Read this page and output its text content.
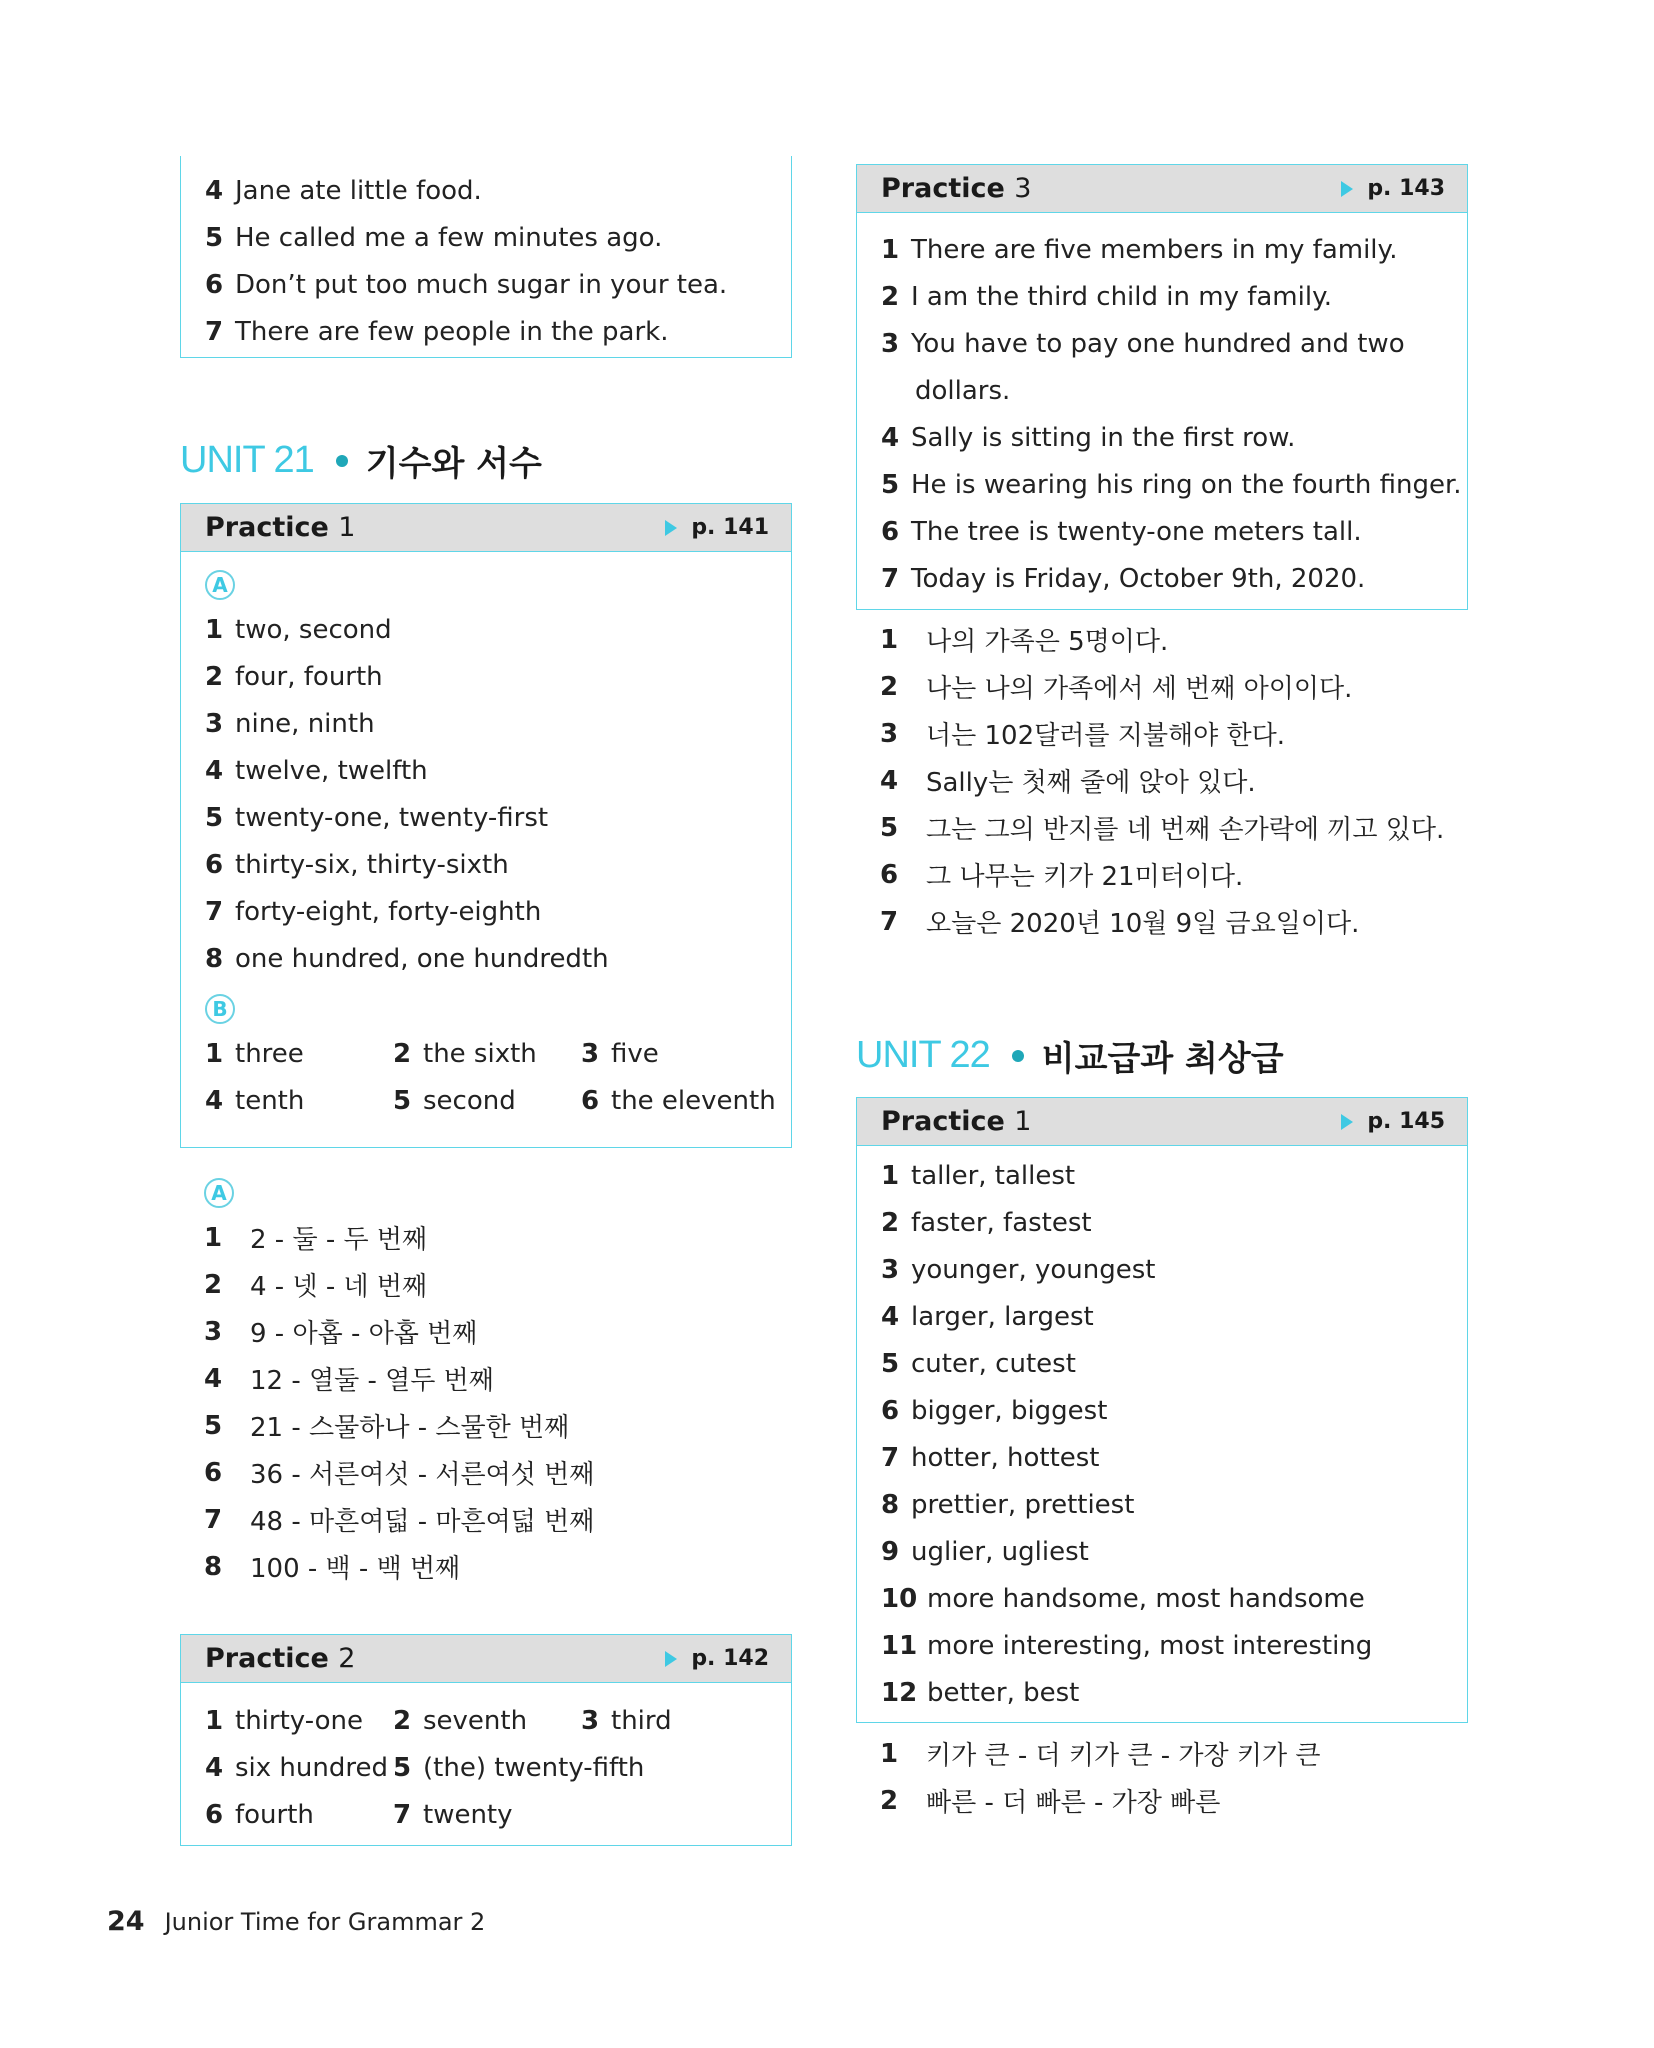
4 Jane ate little food.
5 He called me a few minutes ago.
6 Don’t put too much sugar in your tea.
7 There are few people in the park.
UNIT 21 기수와 서수
Practice 1	p. 141
A
1 two, second
2 four, fourth
3 nine, ninth
4 twelve, twelfth
5 twenty-one, twenty-first
6 thirty-six, thirty-sixth
7 forty-eight, forty-eighth
8 one hundred, one hundredth
B
1 three	2 the sixth 3 five
4 tenth	5 second	6 the eleventh
A
1	2 - 둘 - 두 번째
2	4 - 넷 - 네 번째
3	9 - 아홉 - 아홉 번째
4	12 - 열둘 - 열두 번째
5	21 - 스물하나 - 스물한 번째
6	36 - 서른여섯 - 서른여섯 번째
7	48 - 마흔여덟 - 마흔여덟 번째
8	100 - 백 - 백 번째
Practice 2	p. 142
1 thirty-one 2 seventh 3 third
4 six hundred 5 (the) twenty-fifth
6 fourth	7 twenty
Practice 3	p. 143
1 There are five members in my family.
2 I am the third child in my family.
3 You have to pay one hundred and two
dollars.
4 Sally is sitting in the first row.
5 He is wearing his ring on the fourth finger.
6 The tree is twenty-one meters tall.
7 Today is Friday, October 9th, 2020.
1	나의 가족은 5명이다.
2	나는 나의 가족에서 세 번째 아이이다.
3	너는 102달러를 지불해야 한다.
4	Sally는 첫째 줄에 앉아 있다.
5	그는 그의 반지를 네 번째 손가락에 끼고 있다.
6	그 나무는 키가 21미터이다.
7	오늘은 2020년 10월 9일 금요일이다.
UNIT 22 비교급과 최상급
Practice 1	p. 145
1 taller, tallest
2 faster, fastest
3 younger, youngest
4 larger, largest
5 cuter, cutest
6 bigger, biggest
7 hotter, hottest
8 prettier, prettiest
9 uglier, ugliest
10 more handsome, most handsome
11 more interesting, most interesting
12 better, best
1	키가 큰 - 더 키가 큰 - 가장 키가 큰
2	빠른 - 더 빠른 - 가장 빠른
24 Junior Time for Grammar 2
